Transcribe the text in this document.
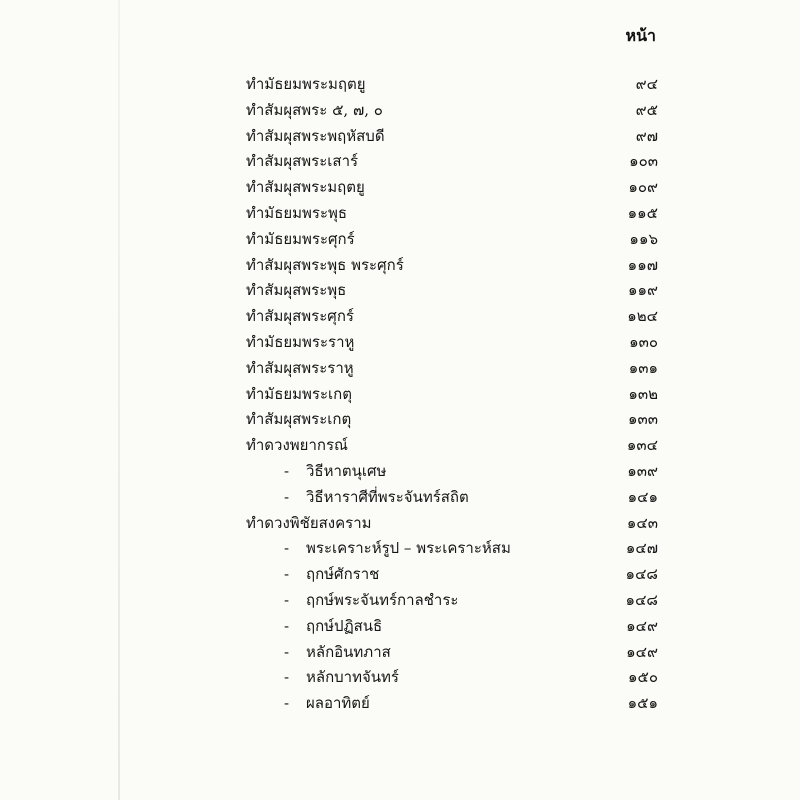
หน้า
ทำมัธยมพระมฤตยู	๙๔
ทำสัมผุสพระ ๕, ๗, ๐	๙๕
ทำสัมผุสพระพฤหัสบดี	๙๗
ทำสัมผุสพระเสาร์	๑๐๓
ทำสัมผุสพระมฤตยู	๑๐๙
ทำมัธยมพระพุธ	๑๑๕
ทำมัธยมพระศุกร์	๑๑๖
ทำสัมผุสพระพุธ พระศุกร์	๑๑๗
ทำสัมผุสพระพุธ	๑๑๙
ทำสัมผุสพระศุกร์	๑๒๔
ทำมัธยมพระราหู	๑๓๐
ทำสัมผุสพระราหู	๑๓๑
ทำมัธยมพระเกตุ	๑๓๒
ทำสัมผุสพระเกตุ	๑๓๓
ทำดวงพยากรณ์	๑๓๔
- วิธีหาตนุเศษ	๑๓๙
- วิธีหาราศีที่พระจันทร์สถิต	๑๔๑
ทำดวงพิชัยสงคราม	๑๔๓
- พระเคราะห์รูป – พระเคราะห์สม	๑๔๗
- ฤกษ์ศักราช	๑๔๘
- ฤกษ์พระจันทร์กาลชำระ	๑๔๘
- ฤกษ์ปฏิสนธิ	๑๔๙
- หลักอินทภาส	๑๔๙
- หลักบาทจันทร์	๑๕๐
- ผลอาทิตย์	๑๕๑
